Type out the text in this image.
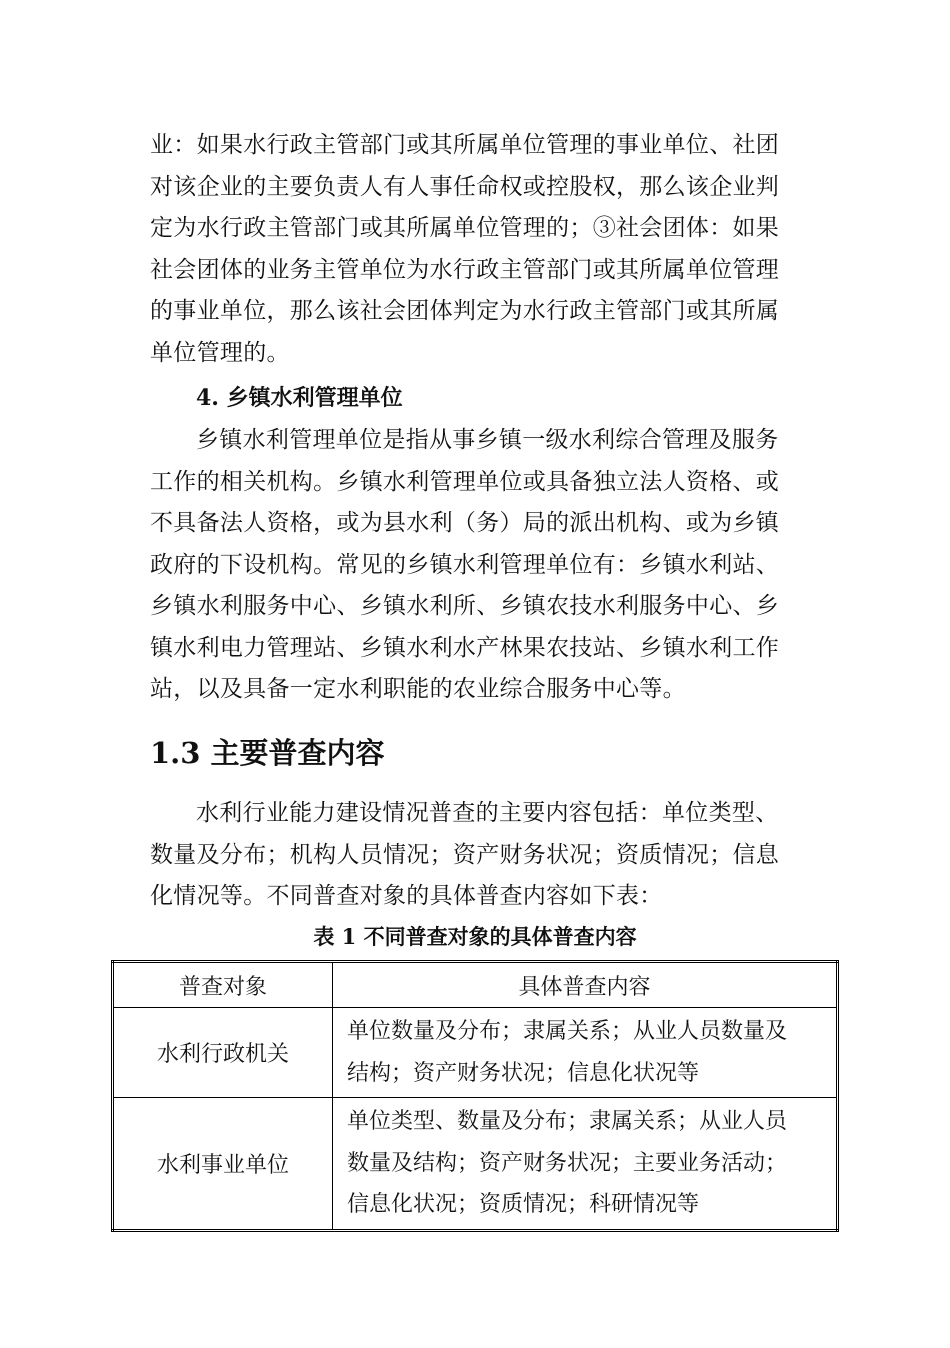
业：如果水行政主管部门或其所属单位管理的事业单位、社团

对该企业的主要负责人有人事任命权或控股权，那么该企业判

定为水行政主管部门或其所属单位管理的；③社会团体：如果

社会团体的业务主管单位为水行政主管部门或其所属单位管理

的事业单位，那么该社会团体判定为水行政主管部门或其所属

单位管理的。

4. 乡镇水利管理单位

乡镇水利管理单位是指从事乡镇一级水利综合管理及服务

工作的相关机构。乡镇水利管理单位或具备独立法人资格、或

不具备法人资格，或为县水利（务）局的派出机构、或为乡镇

政府的下设机构。常见的乡镇水利管理单位有：乡镇水利站、

乡镇水利服务中心、乡镇水利所、乡镇农技水利服务中心、乡

镇水利电力管理站、乡镇水利水产林果农技站、乡镇水利工作

站，以及具备一定水利职能的农业综合服务中心等。

1.3 主要普查内容

水利行业能力建设情况普查的主要内容包括：单位类型、

数量及分布；机构人员情况；资产财务状况；资质情况；信息

化情况等。不同普查对象的具体普查内容如下表：

表 1 不同普查对象的具体普查内容
普查对象	具体普查内容
水利行政机关	单位数量及分布；隶属关系；从业人员数量及
结构；资产财务状况；信息化状况等

水利事业单位	单位类型、数量及分布；隶属关系；从业人员
数量及结构；资产财务状况；主要业务活动；
信息化状况；资质情况；科研情况等
